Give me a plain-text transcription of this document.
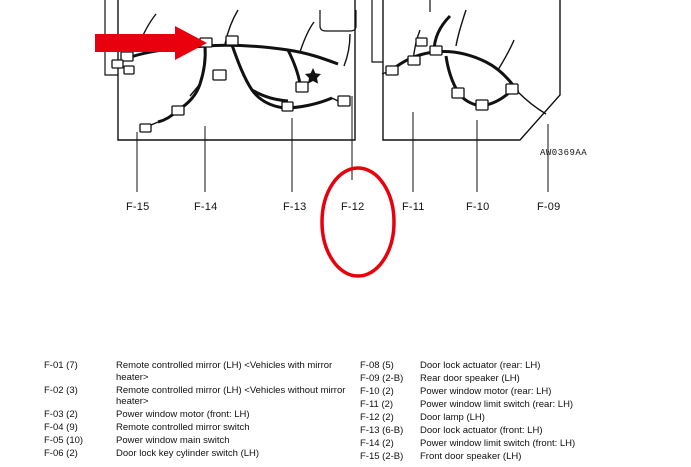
F-15	F-14	F-13	F-12	F-11	F-10	F-09
AW0369AA
F-01 (7)	Remote controlled mirror (LH) <Vehicles with mirror heater>
F-02 (3)	Remote controlled mirror (LH) <Vehicles without mirror heater>
F-03 (2)	Power window motor (front: LH)
F-04 (9)	Remote controlled mirror switch
F-05 (10)	Power window main switch
F-06 (2)	Door lock key cylinder switch (LH)
F-08 (5)	Door lock actuator (rear: LH)
F-09 (2-B)	Rear door speaker (LH)
F-10 (2)	Power window motor (rear: LH)
F-11 (2)	Power window limit switch (rear: LH)
F-12 (2)	Door lamp (LH)
F-13 (6-B)	Door lock actuator (front: LH)
F-14 (2)	Power window limit switch (front: LH)
F-15 (2-B)	Front door speaker (LH)
